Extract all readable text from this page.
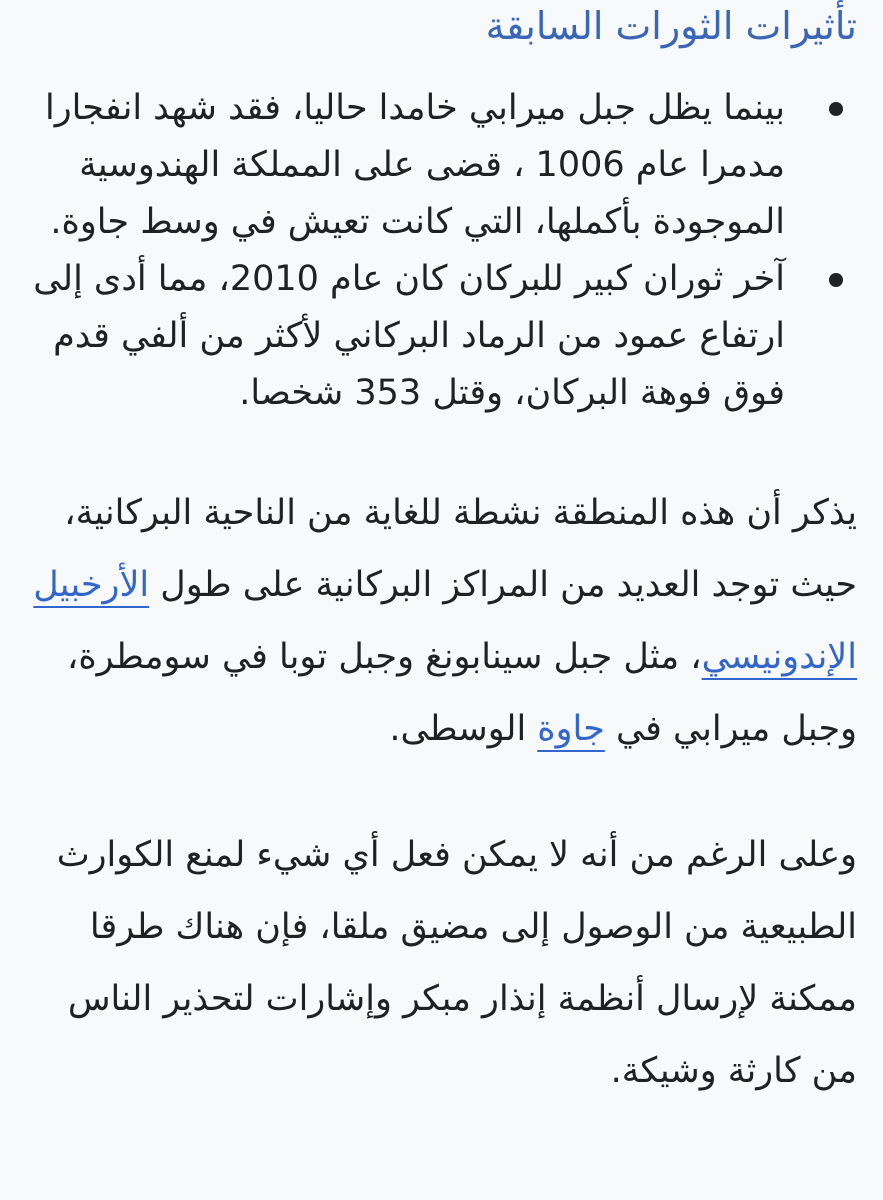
تأثيرات الثورات السابقة
بينما يظل جبل ميرابي خامدا حاليا، فقد شهد انفجارا مدمرا عام 1006 ، قضى على المملكة الهندوسية الموجودة بأكملها، التي كانت تعيش في وسط جاوة.
آخر ثوران كبير للبركان كان عام 2010، مما أدى إلى ارتفاع عمود من الرماد البركاني لأكثر من ألفي قدم فوق فوهة البركان، وقتل 353 شخصا.

يذكر أن هذه المنطقة نشطة للغاية من الناحية البركانية، حيث توجد العديد من المراكز البركانية على طول الأرخبيل الإندونيسي، مثل جبل سينابونغ وجبل توبا في سومطرة، وجبل ميرابي في جاوة الوسطى.

وعلى الرغم من أنه لا يمكن فعل أي شيء لمنع الكوارث الطبيعية من الوصول إلى مضيق ملقا، فإن هناك طرقا ممكنة لإرسال أنظمة إنذار مبكر وإشارات لتحذير الناس من كارثة وشيكة.
